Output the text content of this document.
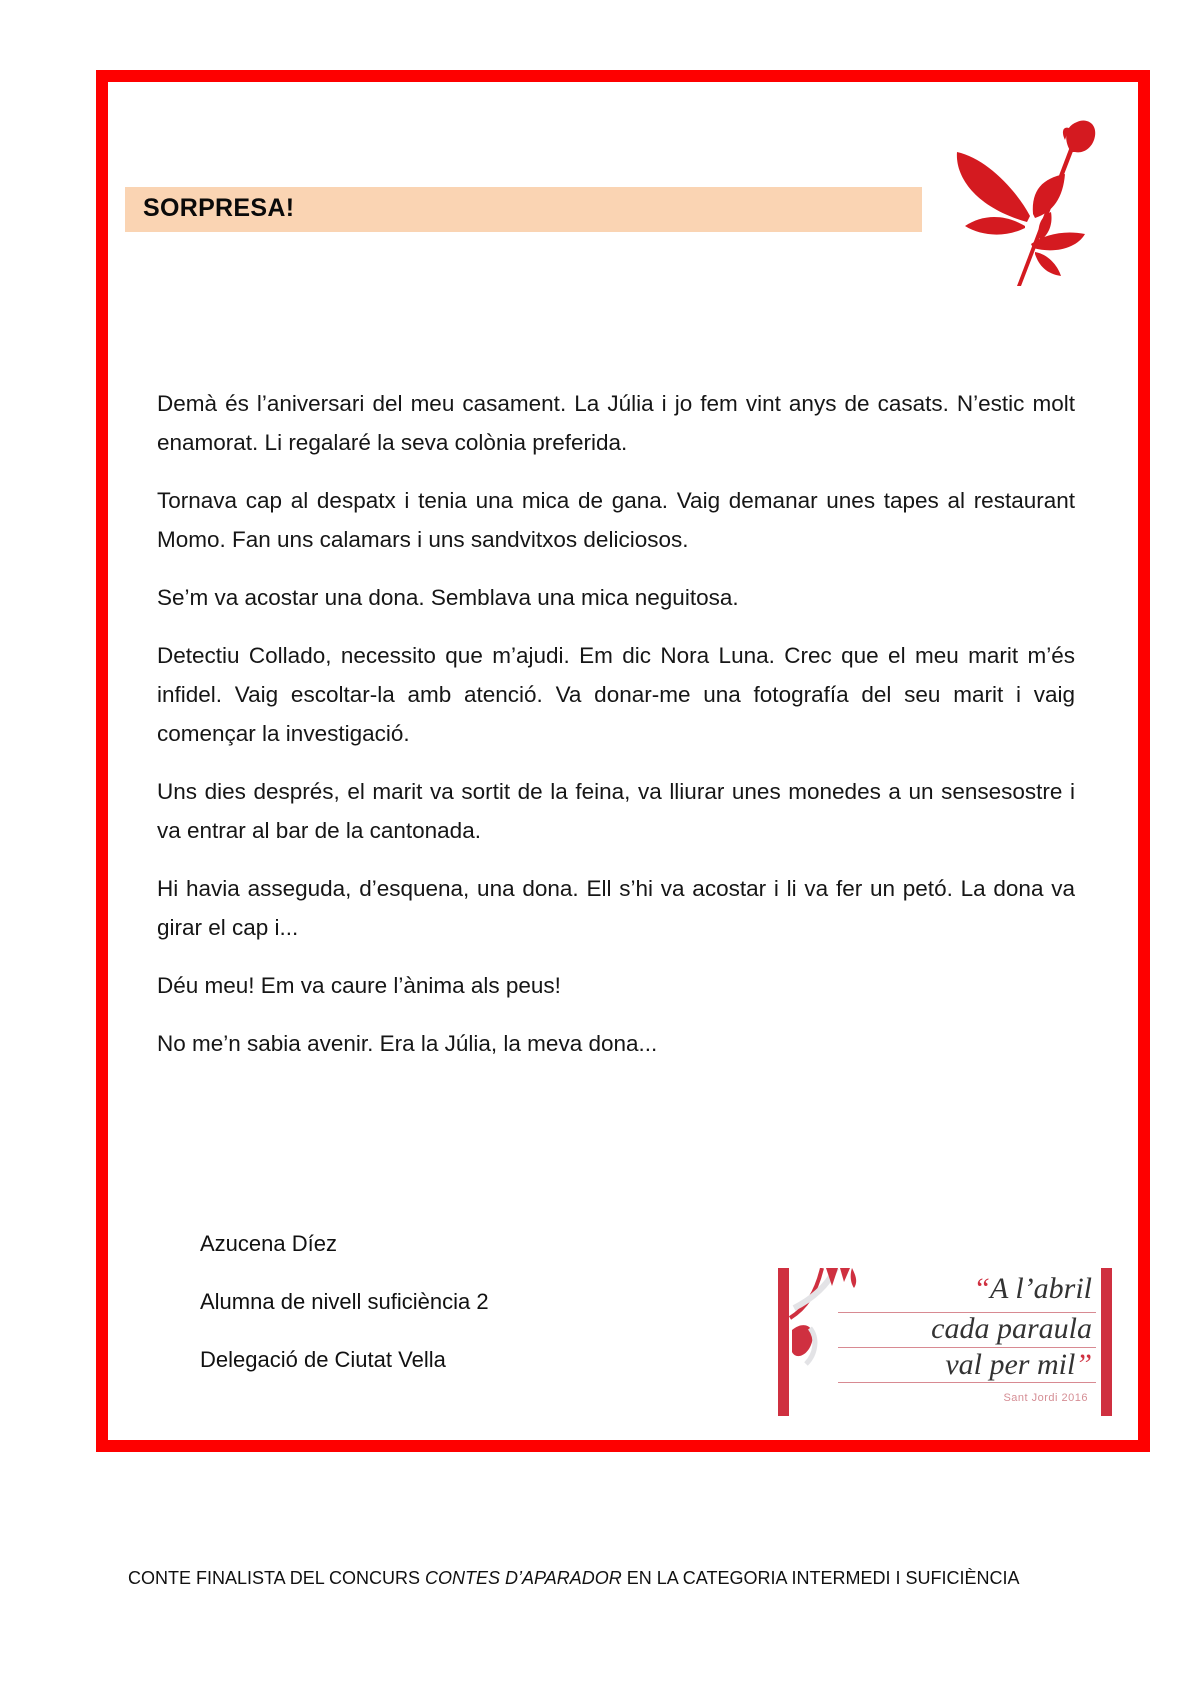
SORPRESA!

Demà és l’aniversari del meu casament. La Júlia i jo fem vint anys de casats. N’estic molt enamorat. Li regalaré la seva colònia preferida.

Tornava cap al despatx i tenia una mica de gana. Vaig demanar unes tapes al restaurant Momo. Fan uns calamars i uns sandvitxos deliciosos.

Se’m va acostar una dona. Semblava una mica neguitosa.

Detectiu Collado, necessito que m’ajudi. Em dic Nora Luna. Crec que el meu marit m’és infidel. Vaig escoltar-la amb atenció. Va donar-me una fotografía del seu marit i vaig començar la investigació.

Uns dies després, el marit va sortit de la feina, va lliurar unes monedes a un sensesostre i va entrar al bar de la cantonada.

Hi havia asseguda, d’esquena, una dona. Ell s’hi va acostar i li va fer un petó. La dona va girar el cap i...

Déu meu! Em va caure l’ànima als peus!

No me’n sabia avenir. Era la Júlia, la meva dona...

Azucena Díez
Alumna de nivell suficiència 2
Delegació de Ciutat Vella
“A l’abril
cada paraula
val per mil”
Sant Jordi 2016
CONTE FINALISTA DEL CONCURS CONTES D’APARADOR EN LA CATEGORIA INTERMEDI I SUFICIÈNCIA
